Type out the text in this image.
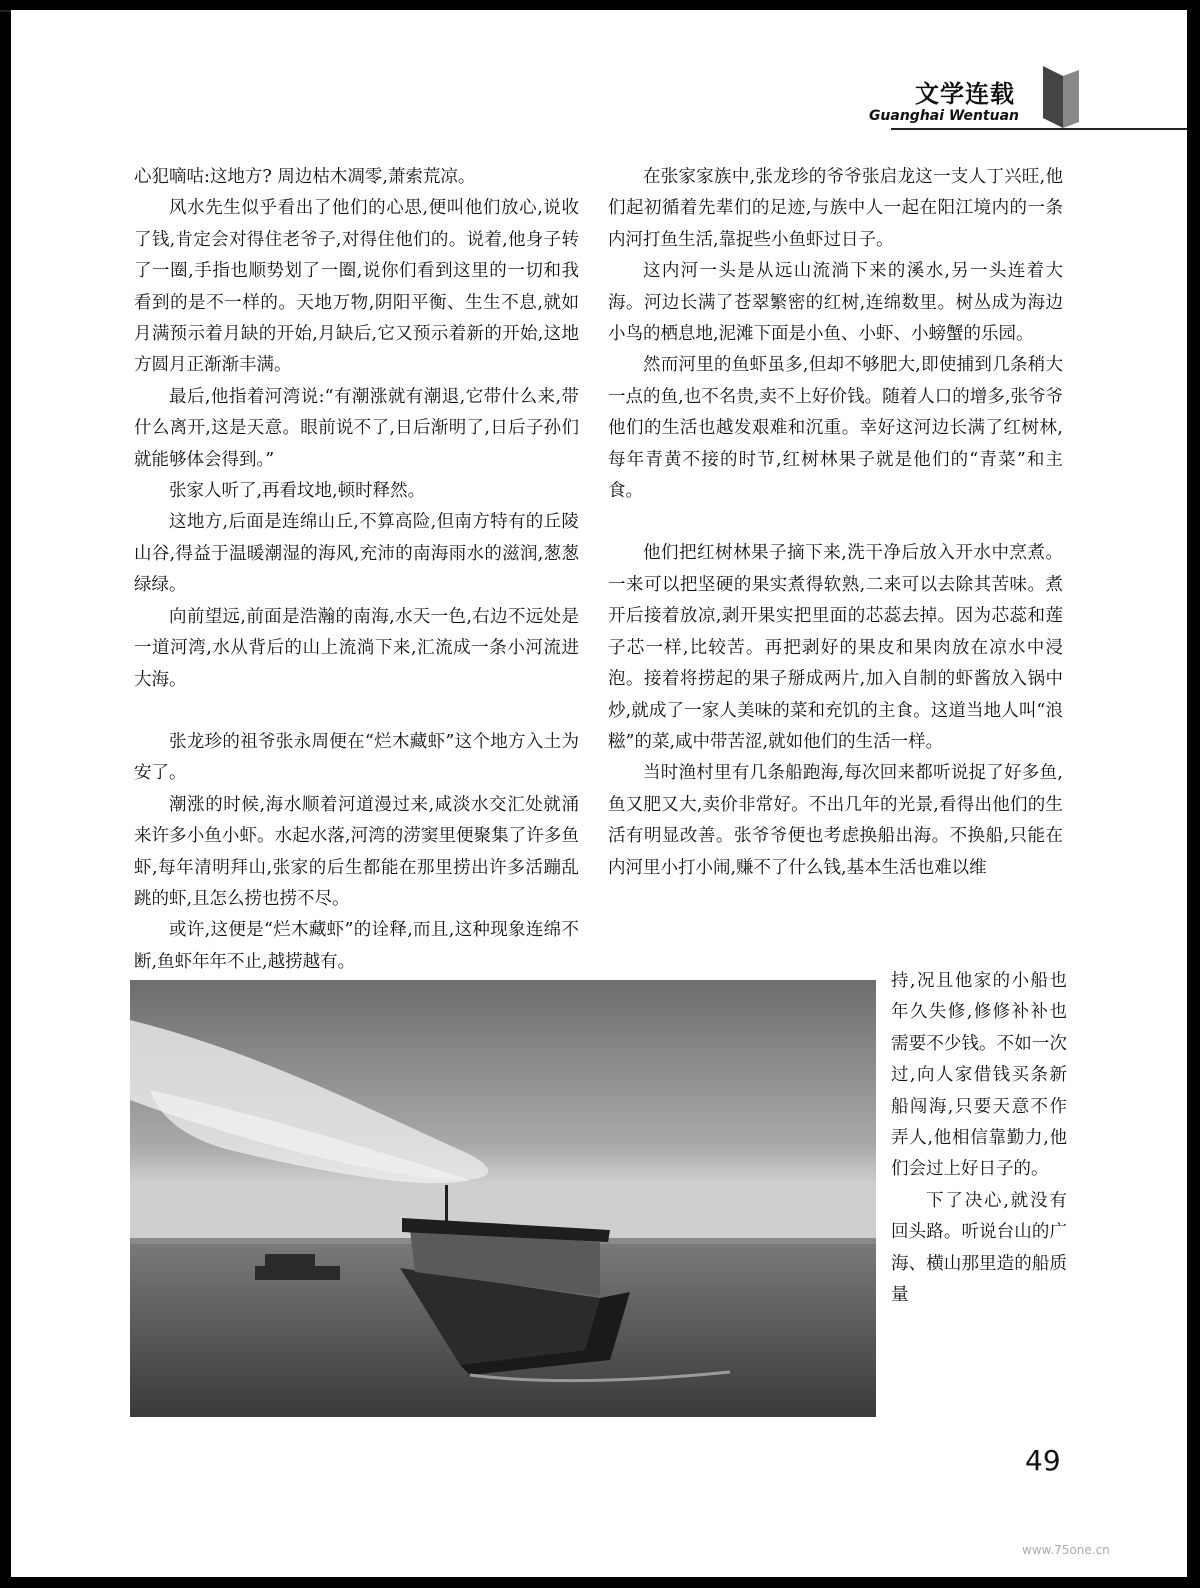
文学连载
Guanghai Wentuan

心犯嘀咕:这地方? 周边枯木凋零,萧索荒凉。

风水先生似乎看出了他们的心思,便叫他们放心,说收了钱,肯定会对得住老爷子,对得住他们的。说着,他身子转了一圈,手指也顺势划了一圈,说你们看到这里的一切和我看到的是不一样的。天地万物,阴阳平衡、生生不息,就如月满预示着月缺的开始,月缺后,它又预示着新的开始,这地方圆月正渐渐丰满。

最后,他指着河湾说:“有潮涨就有潮退,它带什么来,带什么离开,这是天意。眼前说不了,日后渐明了,日后子孙们就能够体会得到。”

张家人听了,再看坟地,顿时释然。

这地方,后面是连绵山丘,不算高险,但南方特有的丘陵山谷,得益于温暖潮湿的海风,充沛的南海雨水的滋润,葱葱绿绿。

向前望远,前面是浩瀚的南海,水天一色,右边不远处是一道河湾,水从背后的山上流淌下来,汇流成一条小河流进大海。

张龙珍的祖爷张永周便在“烂木藏虾”这个地方入土为安了。

潮涨的时候,海水顺着河道漫过来,咸淡水交汇处就涌来许多小鱼小虾。水起水落,河湾的涝窦里便聚集了许多鱼虾,每年清明拜山,张家的后生都能在那里捞出许多活蹦乱跳的虾,且怎么捞也捞不尽。

或许,这便是“烂木藏虾”的诠释,而且,这种现象连绵不断,鱼虾年年不止,越捞越有。

在张家家族中,张龙珍的爷爷张启龙这一支人丁兴旺,他们起初循着先辈们的足迹,与族中人一起在阳江境内的一条内河打鱼生活,靠捉些小鱼虾过日子。

这内河一头是从远山流淌下来的溪水,另一头连着大海。河边长满了苍翠繁密的红树,连绵数里。树丛成为海边小鸟的栖息地,泥滩下面是小鱼、小虾、小螃蟹的乐园。

然而河里的鱼虾虽多,但却不够肥大,即使捕到几条稍大一点的鱼,也不名贵,卖不上好价钱。随着人口的增多,张爷爷他们的生活也越发艰难和沉重。幸好这河边长满了红树林,每年青黄不接的时节,红树林果子就是他们的“青菜”和主食。

他们把红树林果子摘下来,洗干净后放入开水中烹煮。一来可以把坚硬的果实煮得软熟,二来可以去除其苦味。煮开后接着放凉,剥开果实把里面的芯蕊去掉。因为芯蕊和莲子芯一样,比较苦。再把剥好的果皮和果肉放在凉水中浸泡。接着将捞起的果子掰成两片,加入自制的虾酱放入锅中炒,就成了一家人美味的菜和充饥的主食。这道当地人叫“浪糍”的菜,咸中带苦涩,就如他们的生活一样。

当时渔村里有几条船跑海,每次回来都听说捉了好多鱼,鱼又肥又大,卖价非常好。不出几年的光景,看得出他们的生活有明显改善。张爷爷便也考虑换船出海。不换船,只能在内河里小打小闹,赚不了什么钱,基本生活也难以维

持,况且他家的小船也年久失修,修修补补也需要不少钱。不如一次过,向人家借钱买条新船闯海,只要天意不作弄人,他相信靠勤力,他们会过上好日子的。

下了决心,就没有回头路。听说台山的广海、横山那里造的船质量

49
www.75one.cn
